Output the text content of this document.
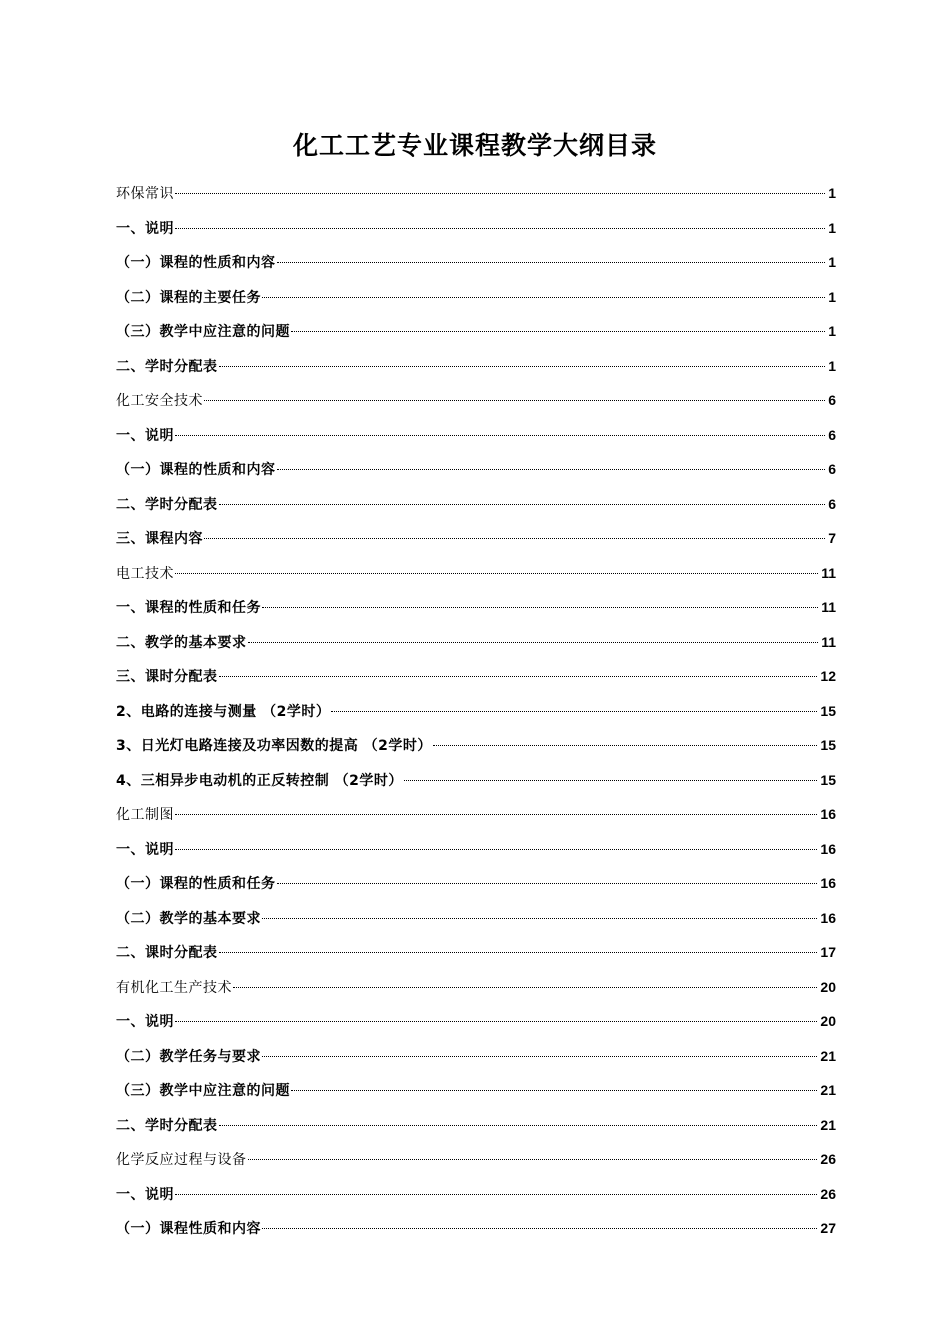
化工工艺专业课程教学大纲目录
环保常识	1
一、说明	1
（一）课程的性质和内容	1
（二）课程的主要任务	1
（三）教学中应注意的问题	1
二、学时分配表	1
化工安全技术	6
一、说明	6
（一）课程的性质和内容	6
二、学时分配表	6
三、课程内容	7
电工技术	11
一、课程的性质和任务	11
二、教学的基本要求	11
三、课时分配表	12
2、电路的连接与测量 （2学时）	15
3、日光灯电路连接及功率因数的提高 （2学时）	15
4、三相异步电动机的正反转控制 （2学时）	15
化工制图	16
一、说明	16
（一）课程的性质和任务	16
（二）教学的基本要求	16
二、课时分配表	17
有机化工生产技术	20
一、说明	20
（二）教学任务与要求	21
（三）教学中应注意的问题	21
二、学时分配表	21
化学反应过程与设备	26
一、说明	26
（一）课程性质和内容	27
